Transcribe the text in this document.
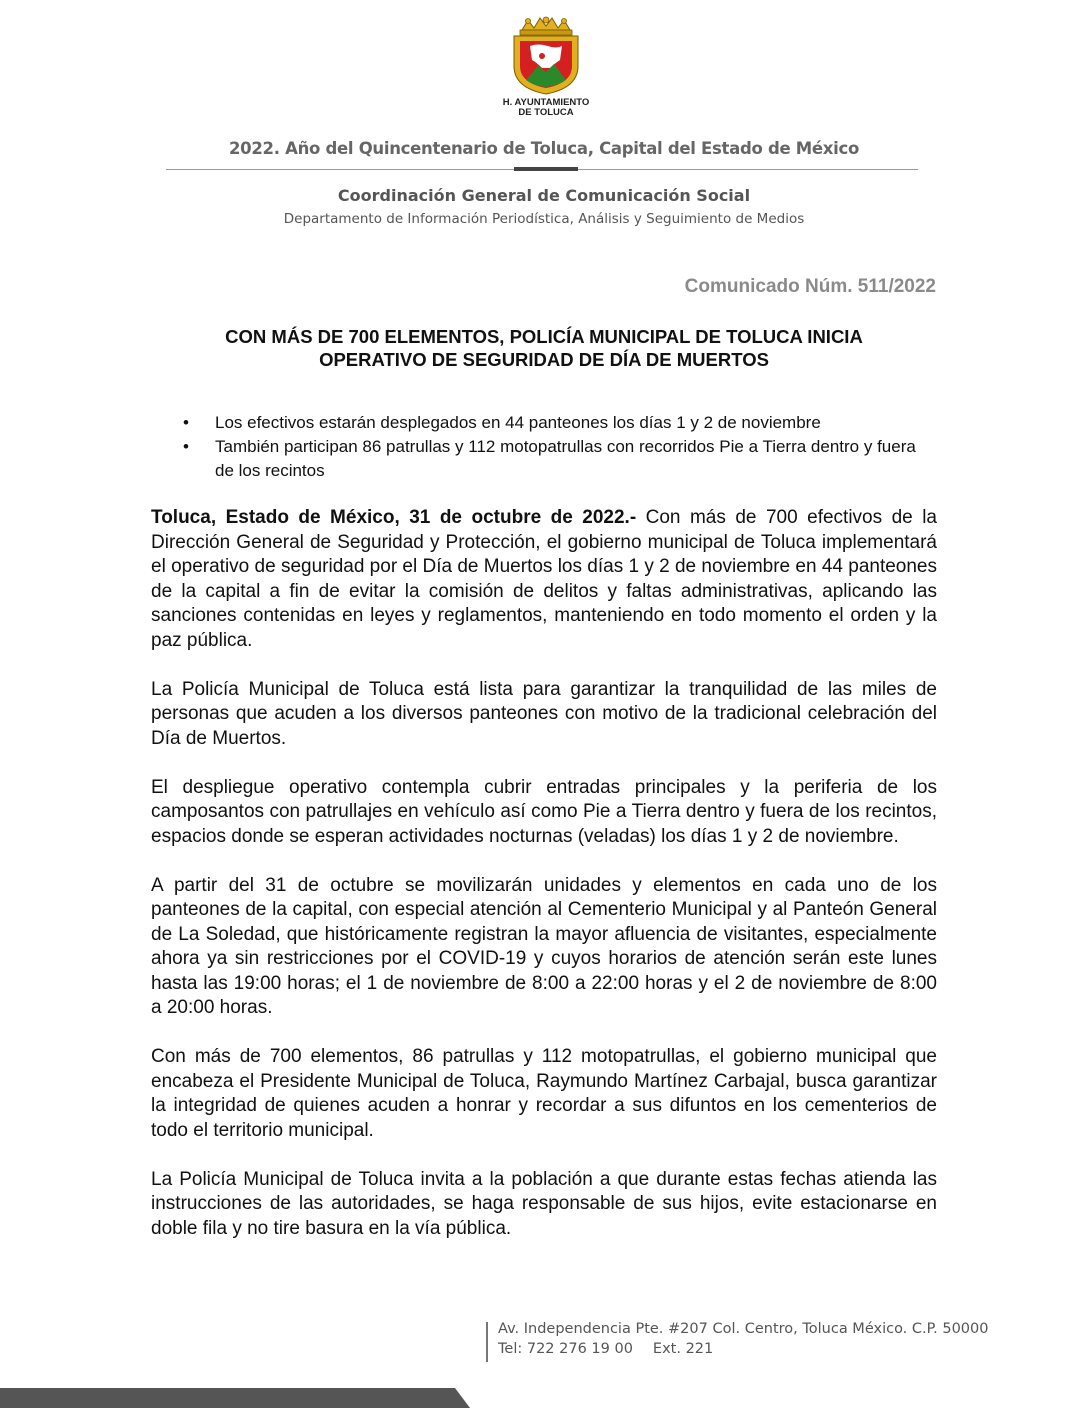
H. AYUNTAMIENTO
DE TOLUCA
2022. Año del Quincentenario de Toluca, Capital del Estado de México
Coordinación General de Comunicación Social
Departamento de Información Periodística, Análisis y Seguimiento de Medios
Comunicado Núm. 511/2022
CON MÁS DE 700 ELEMENTOS, POLICÍA MUNICIPAL DE TOLUCA INICIA
OPERATIVO DE SEGURIDAD DE DÍA DE MUERTOS
• Los efectivos estarán desplegados en 44 panteones los días 1 y 2 de noviembre
• También participan 86 patrullas y 112 motopatrullas con recorridos Pie a Tierra dentro y fuera de los recintos

Toluca, Estado de México, 31 de octubre de 2022.- Con más de 700 efectivos de la Dirección General de Seguridad y Protección, el gobierno municipal de Toluca implementará el operativo de seguridad por el Día de Muertos los días 1 y 2 de noviembre en 44 panteones de la capital a fin de evitar la comisión de delitos y faltas administrativas, aplicando las sanciones contenidas en leyes y reglamentos, manteniendo en todo momento el orden y la paz pública.

La Policía Municipal de Toluca está lista para garantizar la tranquilidad de las miles de personas que acuden a los diversos panteones con motivo de la tradicional celebración del Día de Muertos.

El despliegue operativo contempla cubrir entradas principales y la periferia de los camposantos con patrullajes en vehículo así como Pie a Tierra dentro y fuera de los recintos, espacios donde se esperan actividades nocturnas (veladas) los días 1 y 2 de noviembre.

A partir del 31 de octubre se movilizarán unidades y elementos en cada uno de los panteones de la capital, con especial atención al Cementerio Municipal y al Panteón General de La Soledad, que históricamente registran la mayor afluencia de visitantes, especialmente ahora ya sin restricciones por el COVID-19 y cuyos horarios de atención serán este lunes hasta las 19:00 horas; el 1 de noviembre de 8:00 a 22:00 horas y el 2 de noviembre de 8:00 a 20:00 horas.

Con más de 700 elementos, 86 patrullas y 112 motopatrullas, el gobierno municipal que encabeza el Presidente Municipal de Toluca, Raymundo Martínez Carbajal, busca garantizar la integridad de quienes acuden a honrar y recordar a sus difuntos en los cementerios de todo el territorio municipal.

La Policía Municipal de Toluca invita a la población a que durante estas fechas atienda las instrucciones de las autoridades, se haga responsable de sus hijos, evite estacionarse en doble fila y no tire basura en la vía pública.

Av. Independencia Pte. #207 Col. Centro, Toluca México. C.P. 50000
Tel: 722 276 19 00 Ext. 221
